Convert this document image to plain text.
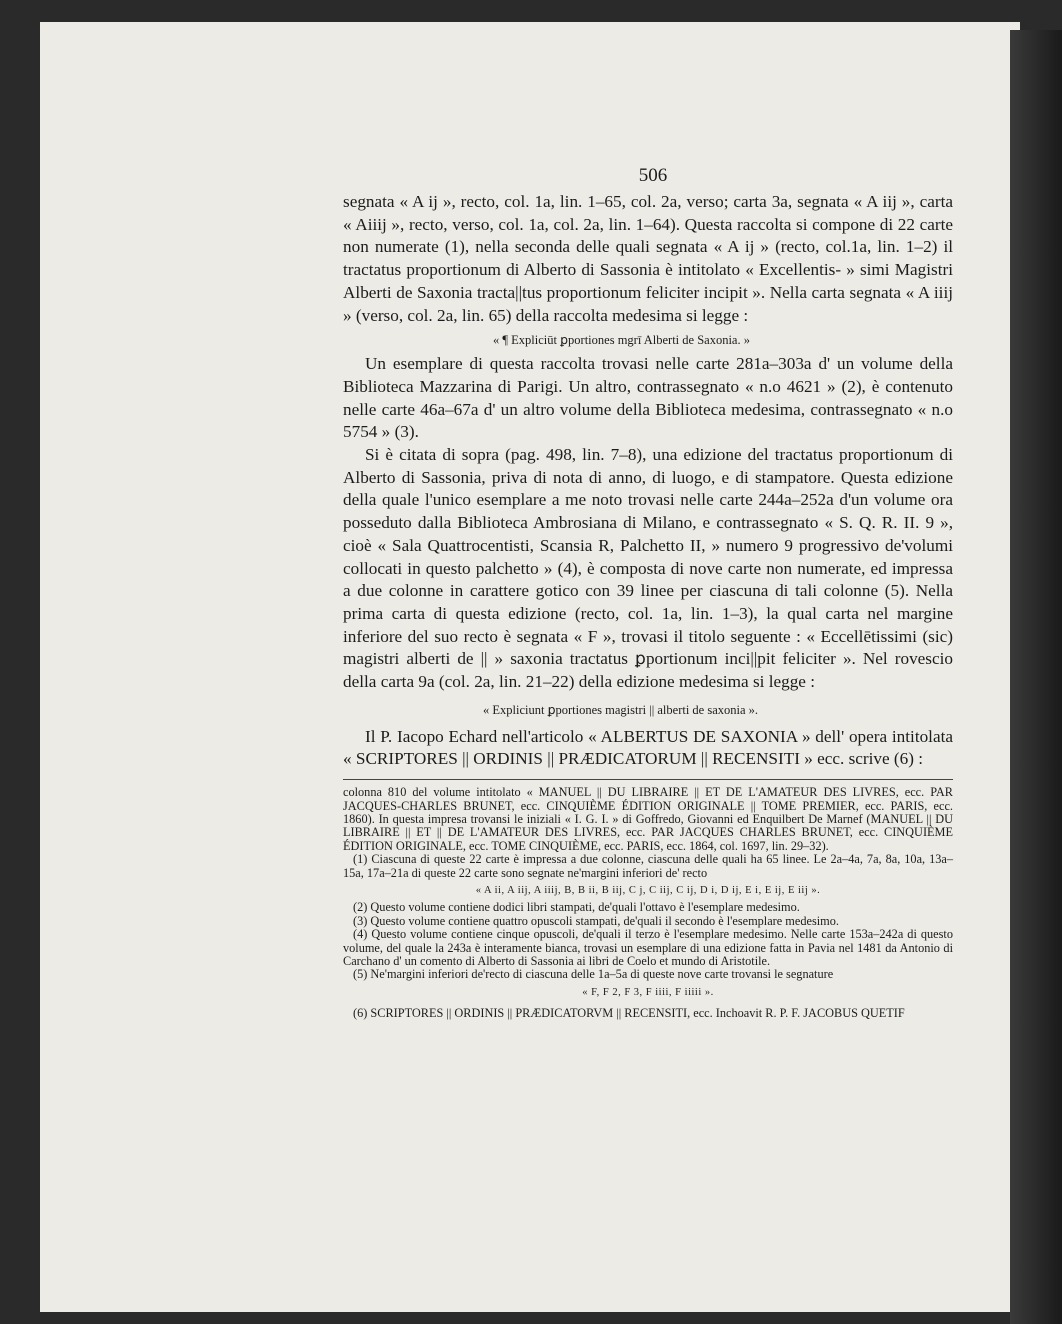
506

segnata « A ij », recto, col. 1a, lin. 1–65, col. 2a, verso; carta 3a, segnata « A iij », carta « Aiiij », recto, verso, col. 1a, col. 2a, lin. 1–64). Questa raccolta si compone di 22 carte non numerate (1), nella seconda delle quali segnata « A ij » (recto, col.1a, lin. 1–2) il tractatus proportionum di Alberto di Sassonia è intitolato « Excellentis- » simi Magistri Alberti de Saxonia tracta||tus proportionum feliciter incipit ». Nella carta segnata « A iiij » (verso, col. 2a, lin. 65) della raccolta medesima si legge :

« ¶ Expliciūt ꝑportiones mgrī Alberti de Saxonia. »

Un esemplare di questa raccolta trovasi nelle carte 281a–303a d' un volume della Biblioteca Mazzarina di Parigi. Un altro, contrassegnato « n.o 4621 » (2), è contenuto nelle carte 46a–67a d' un altro volume della Biblioteca medesima, contrassegnato « n.o 5754 » (3).

Si è citata di sopra (pag. 498, lin. 7–8), una edizione del tractatus proportionum di Alberto di Sassonia, priva di nota di anno, di luogo, e di stampatore. Questa edizione della quale l'unico esemplare a me noto trovasi nelle carte 244a–252a d'un volume ora posseduto dalla Biblioteca Ambrosiana di Milano, e contrassegnato « S. Q. R. II. 9 », cioè « Sala Quattrocentisti, Scansia R, Palchetto II, » numero 9 progressivo de'volumi collocati in questo palchetto » (4), è composta di nove carte non numerate, ed impressa a due colonne in carattere gotico con 39 linee per ciascuna di tali colonne (5). Nella prima carta di questa edizione (recto, col. 1a, lin. 1–3), la qual carta nel margine inferiore del suo recto è segnata « F », trovasi il titolo seguente : « Eccellētissimi (sic) magistri alberti de || » saxonia tractatus ꝑportionum inci||pit feliciter ». Nel rovescio della carta 9a (col. 2a, lin. 21–22) della edizione medesima si legge :

« Expliciunt ꝑportiones magistri || alberti de saxonia ».

Il P. Iacopo Echard nell'articolo « ALBERTUS DE SAXONIA » dell' opera intitolata « SCRIPTORES || ORDINIS || PRÆDICATORUM || RECENSITI » ecc. scrive (6) :

colonna 810 del volume intitolato « MANUEL || DU LIBRAIRE || ET DE L'AMATEUR DES LIVRES, ecc. PAR JACQUES-CHARLES BRUNET, ecc. CINQUIÈME ÉDITION ORIGINALE || TOME PREMIER, ecc. PARIS, ecc. 1860). In questa impresa trovansi le iniziali « I. G. I. » di Goffredo, Giovanni ed Enquilbert De Marnef (MANUEL || DU LIBRAIRE || ET || DE L'AMATEUR DES LIVRES, ecc. PAR JACQUES CHARLES BRUNET, ecc. CINQUIÈME ÉDITION ORIGINALE, ecc. TOME CINQUIÈME, ecc. PARIS, ecc. 1864, col. 1697, lin. 29–32).

(1) Ciascuna di queste 22 carte è impressa a due colonne, ciascuna delle quali ha 65 linee. Le 2a–4a, 7a, 8a, 10a, 13a–15a, 17a–21a di queste 22 carte sono segnate ne'margini inferiori de' recto

« A ii, A iij, A iiij, B, B ii, B iij, C j, C iij, C ij, D i, D ij, E i, E ij, E iij ».

(2) Questo volume contiene dodici libri stampati, de'quali l'ottavo è l'esemplare medesimo.

(3) Questo volume contiene quattro opuscoli stampati, de'quali il secondo è l'esemplare medesimo.

(4) Questo volume contiene cinque opuscoli, de'quali il terzo è l'esemplare medesimo. Nelle carte 153a–242a di questo volume, del quale la 243a è interamente bianca, trovasi un esemplare di una edizione fatta in Pavia nel 1481 da Antonio di Carchano d' un comento di Alberto di Sassonia ai libri de Coelo et mundo di Aristotile.

(5) Ne'margini inferiori de'recto di ciascuna delle 1a–5a di queste nove carte trovansi le segnature

« F, F 2, F 3, F iiii, F iiiii ».

(6) SCRIPTORES || ORDINIS || PRÆDICATORVM || RECENSITI, ecc. Inchoavit R. P. F. JACOBUS QUETIF
